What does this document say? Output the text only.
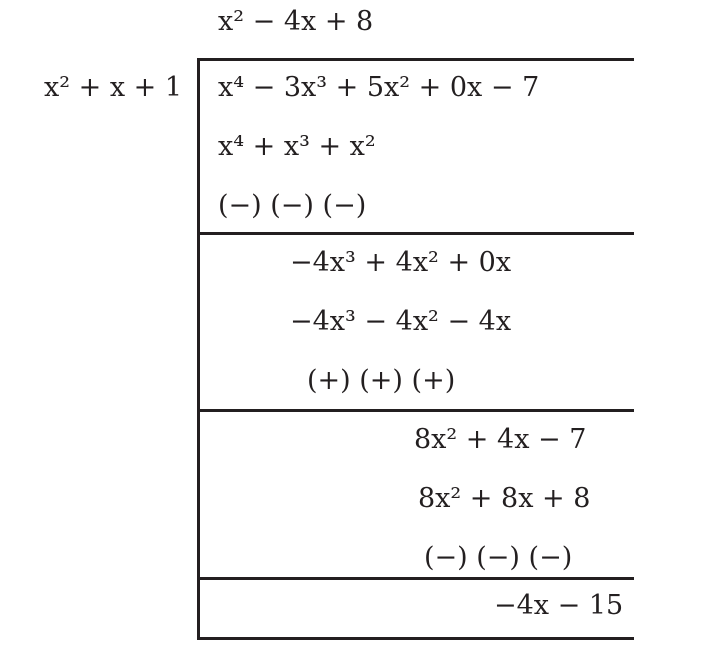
x² − 4x + 8
x² + x + 1 x⁴ − 3x³ + 5x² + 0x − 7
x⁴ + x³ + x²
(−) (−) (−)
−4x³ + 4x² + 0x
−4x³ − 4x² − 4x
(+) (+) (+)
8x² + 4x − 7
8x² + 8x + 8
(−) (−) (−)
−4x − 15
